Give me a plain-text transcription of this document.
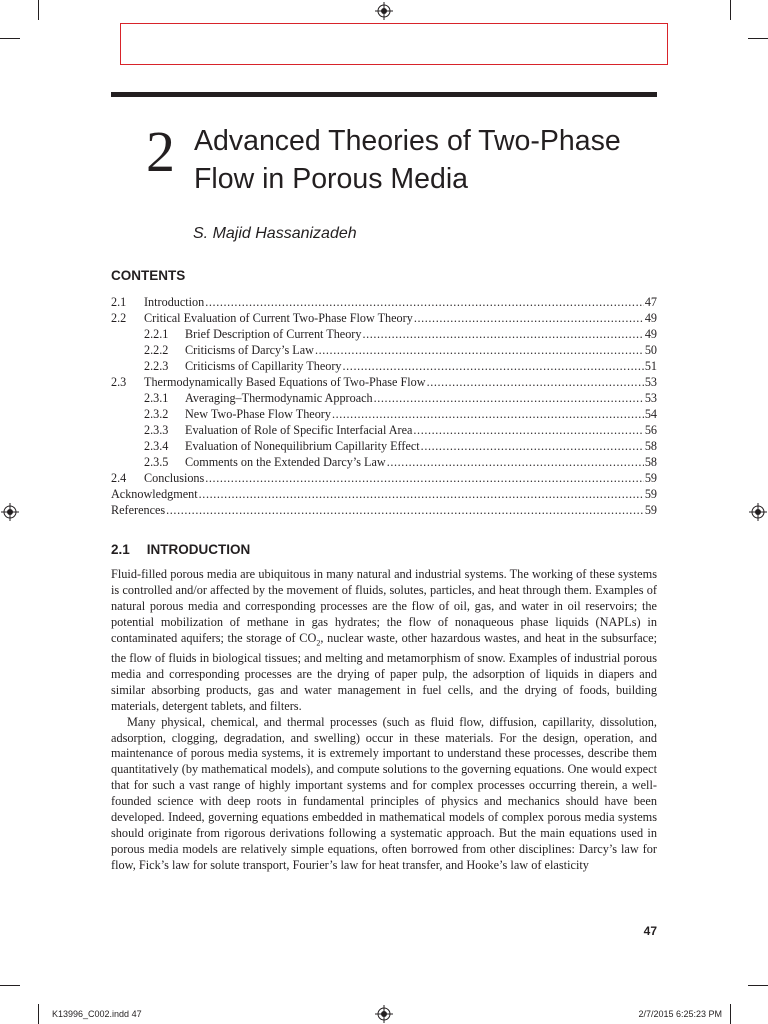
2 Advanced Theories of Two-Phase
Flow in Porous Media
S. Majid Hassanizadeh
CONTENTS
2.1	Introduction .....	47
2.2	Critical Evaluation of Current Two-Phase Flow Theory .....	49
2.2.1	Brief Description of Current Theory .....	49
2.2.2	Criticisms of Darcy’s Law .....	50
2.2.3	Criticisms of Capillarity Theory .....	51
2.3	Thermodynamically Based Equations of Two-Phase Flow .....	53
2.3.1	Averaging–Thermodynamic Approach .....	53
2.3.2	New Two-Phase Flow Theory .....	54
2.3.3	Evaluation of Role of Specific Interfacial Area .....	56
2.3.4	Evaluation of Nonequilibrium Capillarity Effect .....	58
2.3.5	Comments on the Extended Darcy’s Law .....	58
2.4	Conclusions .....	59
Acknowledgment .....	59
References .....	59
2.1 INTRODUCTION

Fluid-filled porous media are ubiquitous in many natural and industrial systems. The working of these systems is controlled and/or affected by the movement of fluids, solutes, particles, and heat through them. Examples of natural porous media and corresponding processes are the flow of oil, gas, and water in oil reservoirs; the potential mobilization of methane in gas hydrates; the flow of nonaqueous phase liquids (NAPLs) in contaminated aquifers; the storage of $CO_2$, nuclear waste, other hazardous wastes, and heat in the subsurface; the flow of fluids in biological tissues; and melting and metamorphism of snow. Examples of industrial porous media and corresponding processes are the drying of paper pulp, the adsorption of liquids in diapers and similar absorbing products, gas and water management in fuel cells, and the drying of foods, building materials, detergent tablets, and filters.

Many physical, chemical, and thermal processes (such as fluid flow, diffusion, capillarity, dissolution, adsorption, clogging, degradation, and swelling) occur in these materials. For the design, operation, and maintenance of porous media systems, it is extremely important to understand these processes, describe them quantitatively (by mathematical models), and compute solutions to the governing equations. One would expect that for such a vast range of highly important systems and for complex processes occurring therein, a well-founded science with deep roots in fundamental principles of physics and mechanics should have been developed. Indeed, governing equations embedded in mathematical models of complex porous media systems should originate from rigorous derivations following a systematic approach. But the main equations used in porous media models are relatively simple equations, often borrowed from other disciplines: Darcy’s law for flow, Fick’s law for solute transport, Fourier’s law for heat transfer, and Hooke’s law of elasticity

47
K13996_C002.indd 47	2/7/2015 6:25:23 PM
